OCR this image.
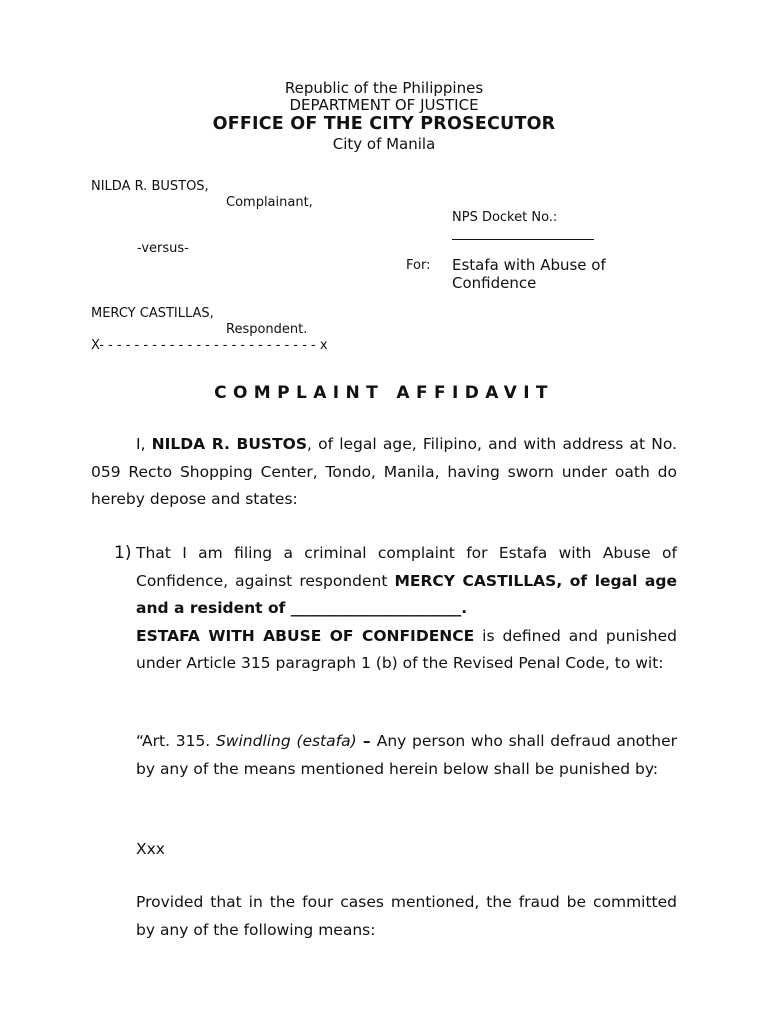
Republic of the Philippines
DEPARTMENT OF JUSTICE
OFFICE OF THE CITY PROSECUTOR
City of Manila
NILDA R. BUSTOS,
Complainant,
-versus-
MERCY CASTILLAS,
Respondent.
X- - - - - - - - - - - - - - - - - - - - - - - - - x
NPS Docket No.:
For: Estafa with Abuse of
Confidence
COMPLAINT AFFIDAVIT
I, NILDA R. BUSTOS, of legal age, Filipino, and with address at No. 059 Recto Shopping Center, Tondo, Manila, having sworn under oath do hereby depose and states:
1) That I am filing a criminal complaint for Estafa with Abuse of Confidence, against respondent MERCY CASTILLAS, of legal age and a resident of ______________________.
ESTAFA WITH ABUSE OF CONFIDENCE is defined and punished under Article 315 paragraph 1 (b) of the Revised Penal Code, to wit:
“Art. 315. Swindling (estafa) – Any person who shall defraud another by any of the means mentioned herein below shall be punished by:
Xxx
Provided that in the four cases mentioned, the fraud be committed by any of the following means:
